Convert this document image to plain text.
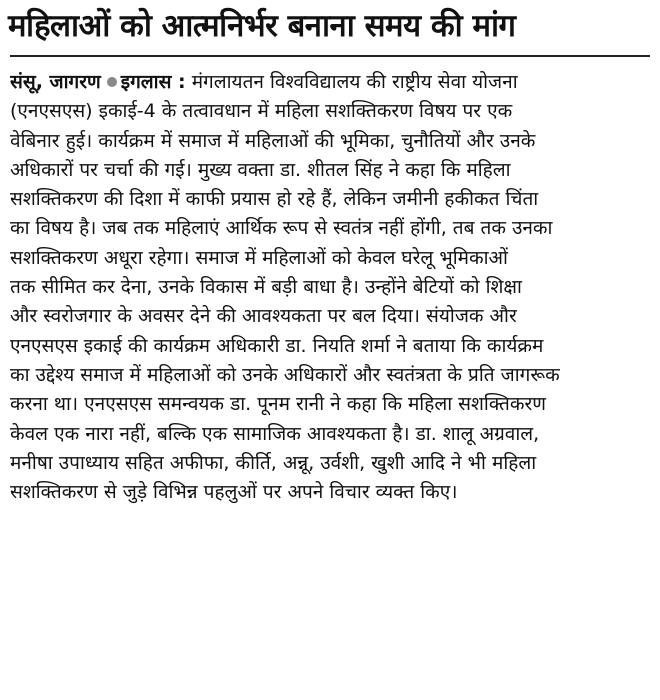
महिलाओं को आत्मनिर्भर बनाना समय की मांग
संसू, जागरण इगलास : मंगलायतन विश्वविद्यालय की राष्ट्रीय सेवा योजना
(एनएसएस) इकाई-4 के तत्वावधान में महिला सशक्तिकरण विषय पर एक
वेबिनार हुई। कार्यक्रम में समाज में महिलाओं की भूमिका, चुनौतियों और उनके
अधिकारों पर चर्चा की गई। मुख्य वक्ता डा. शीतल सिंह ने कहा कि महिला
सशक्तिकरण की दिशा में काफी प्रयास हो रहे हैं, लेकिन जमीनी हकीकत चिंता
का विषय है। जब तक महिलाएं आर्थिक रूप से स्वतंत्र नहीं होंगी, तब तक उनका
सशक्तिकरण अधूरा रहेगा। समाज में महिलाओं को केवल घरेलू भूमिकाओं
तक सीमित कर देना, उनके विकास में बड़ी बाधा है। उन्होंने बेटियों को शिक्षा
और स्वरोजगार के अवसर देने की आवश्यकता पर बल दिया। संयोजक और
एनएसएस इकाई की कार्यक्रम अधिकारी डा. नियति शर्मा ने बताया कि कार्यक्रम
का उद्देश्य समाज में महिलाओं को उनके अधिकारों और स्वतंत्रता के प्रति जागरूक
करना था। एनएसएस समन्वयक डा. पूनम रानी ने कहा कि महिला सशक्तिकरण
केवल एक नारा नहीं, बल्कि एक सामाजिक आवश्यकता है। डा. शालू अग्रवाल,
मनीषा उपाध्याय सहित अफीफा, कीर्ति, अन्नू, उर्वशी, खुशी आदि ने भी महिला
सशक्तिकरण से जुड़े विभिन्न पहलुओं पर अपने विचार व्यक्त किए।
